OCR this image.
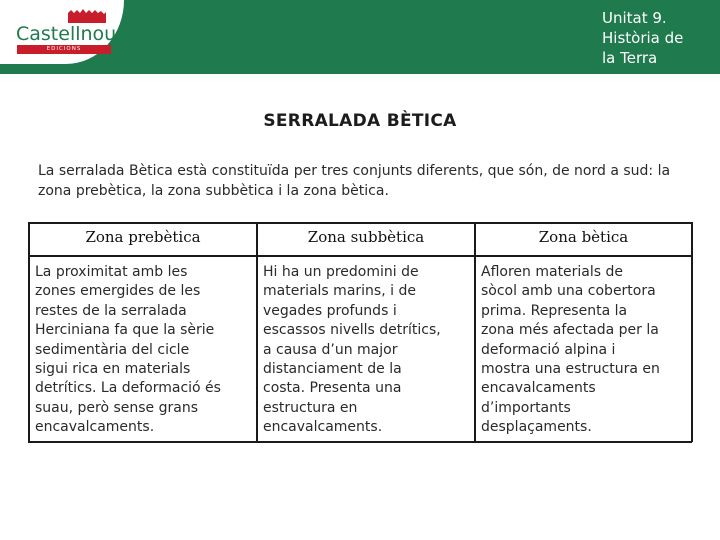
Castellnou
EDICIONS
Unitat 9.
Història de
la Terra
SERRALADA BÈTICA

La serralada Bètica està constituïda per tres conjunts diferents, que són, de nord a sud: la zona prebètica, la zona subbètica i la zona bètica.

Zona prebètica	Zona subbètica	Zona bètica
La proximitat amb les
zones emergides de les
restes de la serralada
Herciniana fa que la sèrie
sedimentària del cicle
sigui rica en materials
detrítics. La deformació és
suau, però sense grans
encavalcaments.
Hi ha un predomini de
materials marins, i de
vegades profunds i
escassos nivells detrítics,
a causa d’un major
distanciament de la
costa. Presenta una
estructura en
encavalcaments.
Afloren materials de
sòcol amb una cobertora
prima. Representa la
zona més afectada per la
deformació alpina i
mostra una estructura en
encavalcaments
d’importants
desplaçaments.
